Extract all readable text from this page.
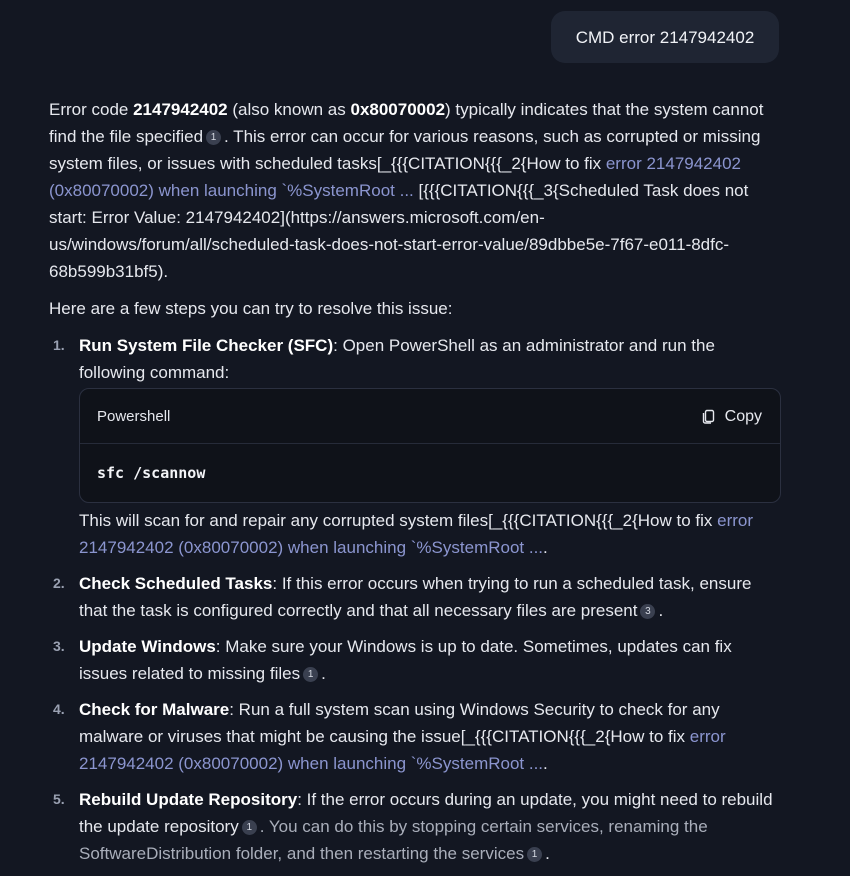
CMD error 2147942402

Error code 2147942402 (also known as 0x80070002) typically indicates that the system cannot find the file specified 1 . This error can occur for various reasons, such as corrupted or missing system files, or issues with scheduled tasks[_{{{CITATION{{{_2{How to fix error 2147942402 (0x80070002) when launching `%SystemRoot ... [{{{CITATION{{{_3{Scheduled Task does not start: Error Value: 2147942402](https://answers.microsoft.com/en-us/windows/forum/all/scheduled-task-does-not-start-error-value/89dbbe5e-7f67-e011-8dfc-68b599b31bf5).

Here are a few steps you can try to resolve this issue:

1. Run System File Checker (SFC): Open PowerShell as an administrator and run the following command:
Powershell	Copy
sfc /scannow
This will scan for and repair any corrupted system files[_{{{CITATION{{{_2{How to fix error 2147942402 (0x80070002) when launching `%SystemRoot ....
2. Check Scheduled Tasks: If this error occurs when trying to run a scheduled task, ensure that the task is configured correctly and that all necessary files are present 3 .
3. Update Windows: Make sure your Windows is up to date. Sometimes, updates can fix issues related to missing files 1 .
4. Check for Malware: Run a full system scan using Windows Security to check for any malware or viruses that might be causing the issue[_{{{CITATION{{{_2{How to fix error 2147942402 (0x80070002) when launching `%SystemRoot ....
5. Rebuild Update Repository: If the error occurs during an update, you might need to rebuild the update repository 1 . You can do this by stopping certain services, renaming the SoftwareDistribution folder, and then restarting the services 1 .
